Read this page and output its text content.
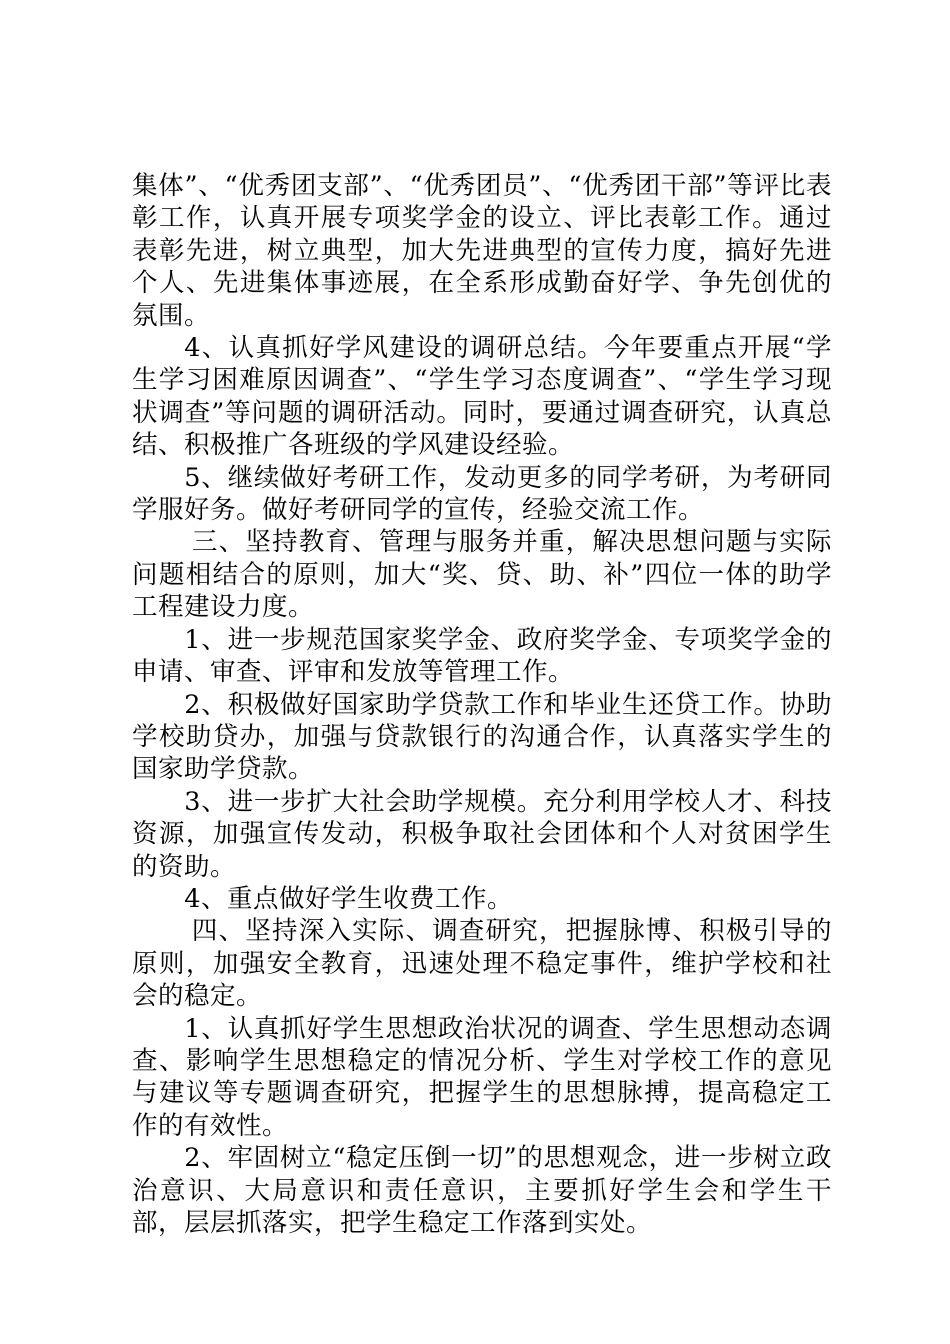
集体”、“优秀团支部”、“优秀团员”、“优秀团干部”等评比表彰工作，认真开展专项奖学金的设立、评比表彰工作。通过表彰先进，树立典型，加大先进典型的宣传力度，搞好先进个人、先进集体事迹展，在全系形成勤奋好学、争先创优的氛围。

4、认真抓好学风建设的调研总结。今年要重点开展“学生学习困难原因调查”、“学生学习态度调查”、“学生学习现状调查”等问题的调研活动。同时，要通过调查研究，认真总结、积极推广各班级的学风建设经验。

5、继续做好考研工作，发动更多的同学考研，为考研同学服好务。做好考研同学的宣传，经验交流工作。

三、坚持教育、管理与服务并重，解决思想问题与实际问题相结合的原则，加大“奖、贷、助、补”四位一体的助学工程建设力度。

1、进一步规范国家奖学金、政府奖学金、专项奖学金的申请、审查、评审和发放等管理工作。

2、积极做好国家助学贷款工作和毕业生还贷工作。协助学校助贷办，加强与贷款银行的沟通合作，认真落实学生的国家助学贷款。

3、进一步扩大社会助学规模。充分利用学校人才、科技资源，加强宣传发动，积极争取社会团体和个人对贫困学生的资助。

4、重点做好学生收费工作。

四、坚持深入实际、调查研究，把握脉博、积极引导的原则，加强安全教育，迅速处理不稳定事件，维护学校和社会的稳定。

1、认真抓好学生思想政治状况的调查、学生思想动态调查、影响学生思想稳定的情况分析、学生对学校工作的意见与建议等专题调查研究，把握学生的思想脉搏，提高稳定工作的有效性。

2、牢固树立“稳定压倒一切”的思想观念，进一步树立政治意识、大局意识和责任意识，主要抓好学生会和学生干部，层层抓落实，把学生稳定工作落到实处。
